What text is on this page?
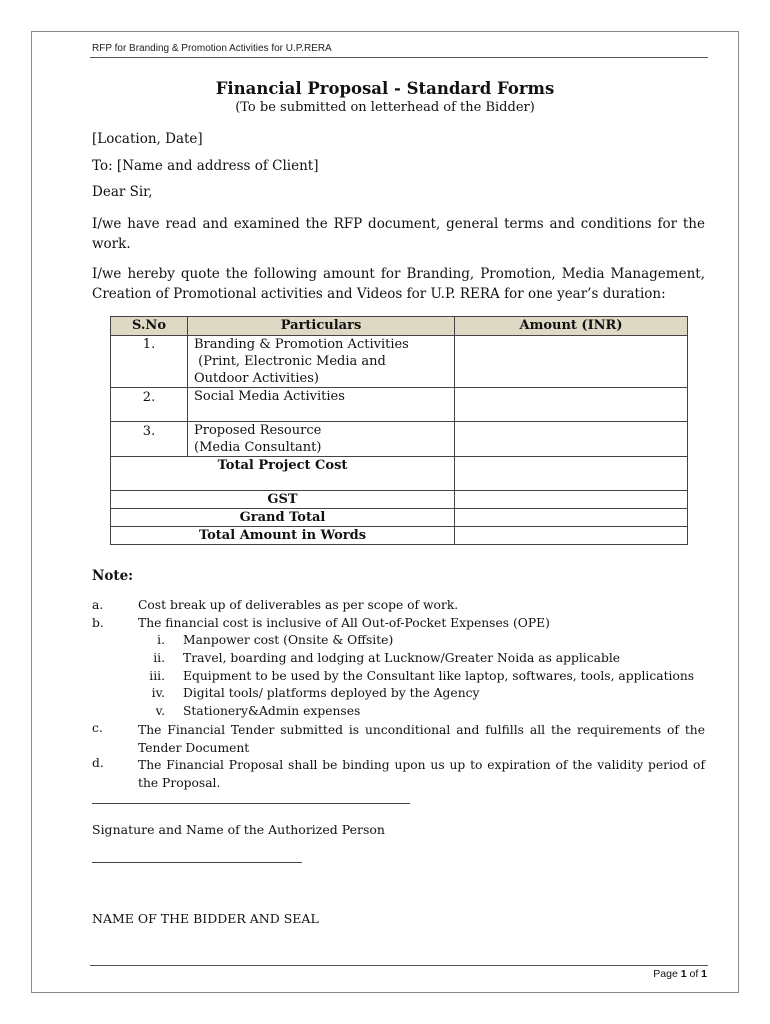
RFP for Branding & Promotion Activities for U.P.RERA
Financial Proposal - Standard Forms
(To be submitted on letterhead of the Bidder)
[Location, Date]
To: [Name and address of Client]
Dear Sir,
I/we have read and examined the RFP document, general terms and conditions for the work.
I/we hereby quote the following amount for Branding, Promotion, Media Management, Creation of Promotional activities and Videos for U.P. RERA for one year’s duration:
S.No	Particulars	Amount (INR)
1.	Branding & Promotion Activities
(Print, Electronic Media and
Outdoor Activities)	

2.	Social Media Activities	

3.	Proposed Resource
(Media Consultant)	

Total Project Cost		
GST		
Grand Total		
Total Amount in Words		
Note:
a.	Cost break up of deliverables as per scope of work.
b.	The financial cost is inclusive of All Out-of-Pocket Expenses (OPE)
i. Manpower cost (Onsite & Offsite)
ii. Travel, boarding and lodging at Lucknow/Greater Noida as applicable
iii. Equipment to be used by the Consultant like laptop, softwares, tools, applications
iv. Digital tools/ platforms deployed by the Agency
v. Stationery&Admin expenses
c.	The Financial Tender submitted is unconditional and fulfills all the requirements of the Tender Document
d.	The Financial Proposal shall be binding upon us up to expiration of the validity period of the Proposal.
Signature and Name of the Authorized Person
NAME OF THE BIDDER AND SEAL
Page 1 of 1
